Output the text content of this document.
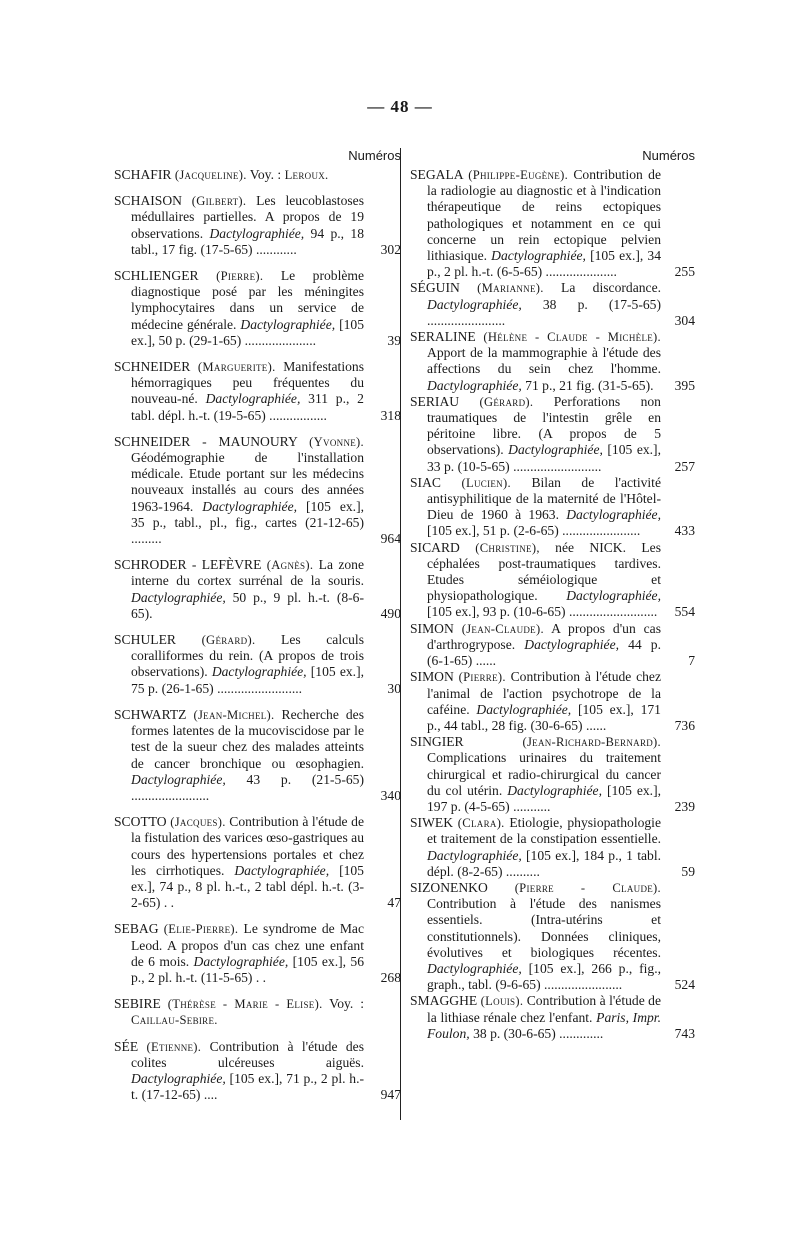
— 48 —
Numéros
SCHAFIR (Jacqueline). Voy. : Leroux.
SCHAISON (Gilbert). Les leucoblastoses médullaires partielles. A propos de 19 observations. Dactylographiée, 94 p., 18 tabl., 17 fig. (17-5-65) ............	302
SCHLIENGER (Pierre). Le problème diagnostique posé par les méningites lymphocytaires dans un service de médecine générale. Dactylographiée, [105 ex.], 50 p. (29-1-65) .....................	39
SCHNEIDER (Marguerite). Manifestations hémorragiques peu fréquentes du nouveau-né. Dactylographiée, 311 p., 2 tabl. dépl. h.-t. (19-5-65) .................	318
SCHNEIDER - MAUNOURY (Yvonne). Géodémographie de l'installation médicale. Etude portant sur les médecins nouveaux installés au cours des années 1963-1964. Dactylographiée, [105 ex.], 35 p., tabl., pl., fig., cartes (21-12-65) .........	964
SCHRODER - LEFÈVRE (Agnès). La zone interne du cortex surrénal de la souris. Dactylographiée, 50 p., 9 pl. h.-t. (8-6-65).	490
SCHULER (Gérard). Les calculs coralliformes du rein. (A propos de trois observations). Dactylographiée, [105 ex.], 75 p. (26-1-65) .........................	30
SCHWARTZ (Jean-Michel). Recherche des formes latentes de la mucoviscidose par le test de la sueur chez des malades atteints de cancer bronchique ou œsophagien. Dactylographiée, 43 p. (21-5-65) .......................	340
SCOTTO (Jacques). Contribution à l'étude de la fistulation des varices œso-gastriques au cours des hypertensions portales et chez les cirrhotiques. Dactylographiée, [105 ex.], 74 p., 8 pl. h.-t., 2 tabl dépl. h.-t. (3-2-65) . .	47
SEBAG (Elie-Pierre). Le syndrome de Mac Leod. A propos d'un cas chez une enfant de 6 mois. Dactylographiée, [105 ex.], 56 p., 2 pl. h.-t. (11-5-65) . .	268
SEBIRE (Thérèse - Marie - Elise). Voy. : Caillau-Sebire.
SÉE (Etienne). Contribution à l'étude des colites ulcéreuses aiguës. Dactylographiée, [105 ex.], 71 p., 2 pl. h.-t. (17-12-65) ....	947
Numéros
SEGALA (Philippe-Eugène). Contribution de la radiologie au diagnostic et à l'indication thérapeutique de reins ectopiques pathologiques et notamment en ce qui concerne un rein ectopique pelvien lithiasique. Dactylographiée, [105 ex.], 34 p., 2 pl. h.-t. (6-5-65) .....................	255
SÉGUIN (Marianne). La discordance. Dactylographiée, 38 p. (17-5-65) .......................	304
SERALINE (Hélène - Claude - Michèle). Apport de la mammographie à l'étude des affections du sein chez l'homme. Dactylographiée, 71 p., 21 fig. (31-5-65).	395
SERIAU (Gérard). Perforations non traumatiques de l'intestin grêle en péritoine libre. (A propos de 5 observations). Dactylographiée, [105 ex.], 33 p. (10-5-65) ..........................	257
SIAC (Lucien). Bilan de l'activité antisyphilitique de la maternité de l'Hôtel-Dieu de 1960 à 1963. Dactylographiée, [105 ex.], 51 p. (2-6-65) .......................	433
SICARD (Christine), née NICK. Les céphalées post-traumatiques tardives. Etudes séméiologique et physiopathologique. Dactylographiée, [105 ex.], 93 p. (10-6-65) ..........................	554
SIMON (Jean-Claude). A propos d'un cas d'arthrogrypose. Dactylographiée, 44 p. (6-1-65) ......	7
SIMON (Pierre). Contribution à l'étude chez l'animal de l'action psychotrope de la caféine. Dactylographiée, [105 ex.], 171 p., 44 tabl., 28 fig. (30-6-65) ......	736
SINGIER	(Jean-Richard-Bernard). Complications urinaires du traitement chirurgical et radio-chirurgical du cancer du col utérin. Dactylographiée, [105 ex.], 197 p. (4-5-65) ...........	239
SIWEK (Clara). Etiologie, physiopathologie et traitement de la constipation essentielle. Dactylographiée, [105 ex.], 184 p., 1 tabl. dépl. (8-2-65) ..........	59
SIZONENKO (Pierre - Claude). Contribution à l'étude des nanismes essentiels. (Intra-utérins et constitutionnels). Données cliniques, évolutives et biologiques récentes. Dactylographiée, [105 ex.], 266 p., fig., graph., tabl. (9-6-65) .......................	524
SMAGGHE (Louis). Contribution à l'étude de la lithiase rénale chez l'enfant. Paris, Impr. Foulon, 38 p. (30-6-65) .............	743
